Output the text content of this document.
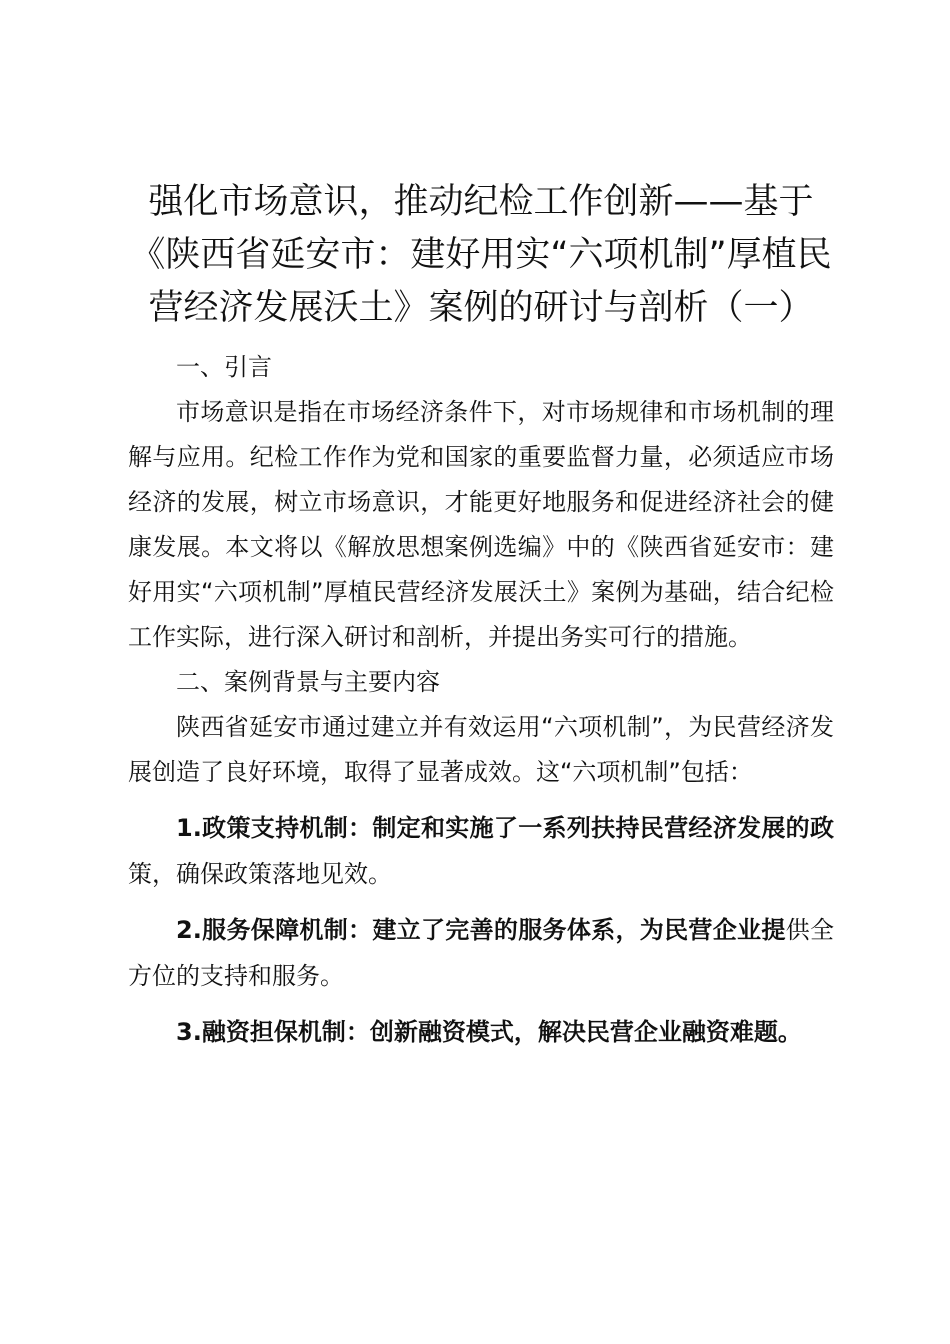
强化市场意识，推动纪检工作创新——基于《陕西省延安市：建好用实“六项机制”厚植民营经济发展沃土》案例的研讨与剖析（一）

一、引言

市场意识是指在市场经济条件下，对市场规律和市场机制的理解与应用。纪检工作作为党和国家的重要监督力量，必须适应市场经济的发展，树立市场意识，才能更好地服务和促进经济社会的健康发展。本文将以《解放思想案例选编》中的《陕西省延安市：建好用实“六项机制”厚植民营经济发展沃土》案例为基础，结合纪检工作实际，进行深入研讨和剖析，并提出务实可行的措施。

二、案例背景与主要内容

陕西省延安市通过建立并有效运用“六项机制”，为民营经济发展创造了良好环境，取得了显著成效。这“六项机制”包括：

1.政策支持机制：制定和实施了一系列扶持民营经济发展的政策，确保政策落地见效。

2.服务保障机制：建立了完善的服务体系，为民营企业提供全方位的支持和服务。

3.融资担保机制：创新融资模式，解决民营企业融资难题。
